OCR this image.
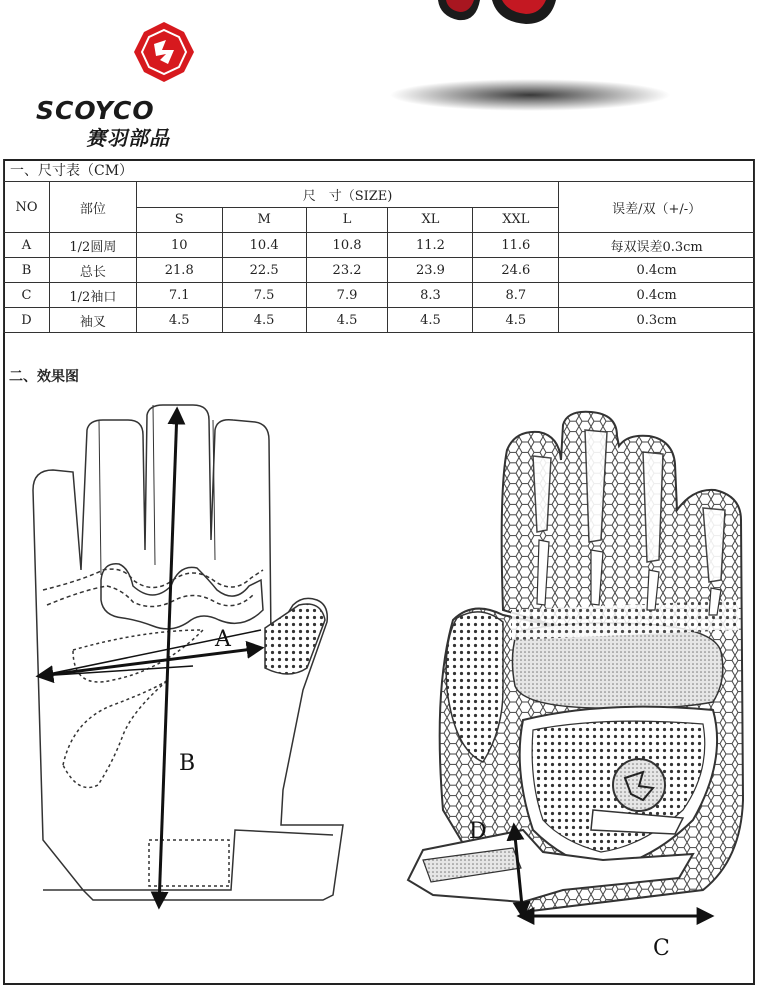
SCOYCO
赛羽部品
一、尺寸表（CM）							
NO	部位	尺　寸（SIZE)					误差/双（+/-）
		S	M	L	XL	XXL	
A	1/2圆周	10	10.4	10.8	11.2	11.6	每双误差0.3cm
B	总长	21.8	22.5	23.2	23.9	24.6	0.4cm
C	1/2袖口	7.1	7.5	7.9	8.3	8.7	0.4cm
D	袖叉	4.5	4.5	4.5	4.5	4.5	0.3cm
二、效果图
A
B
C
D
